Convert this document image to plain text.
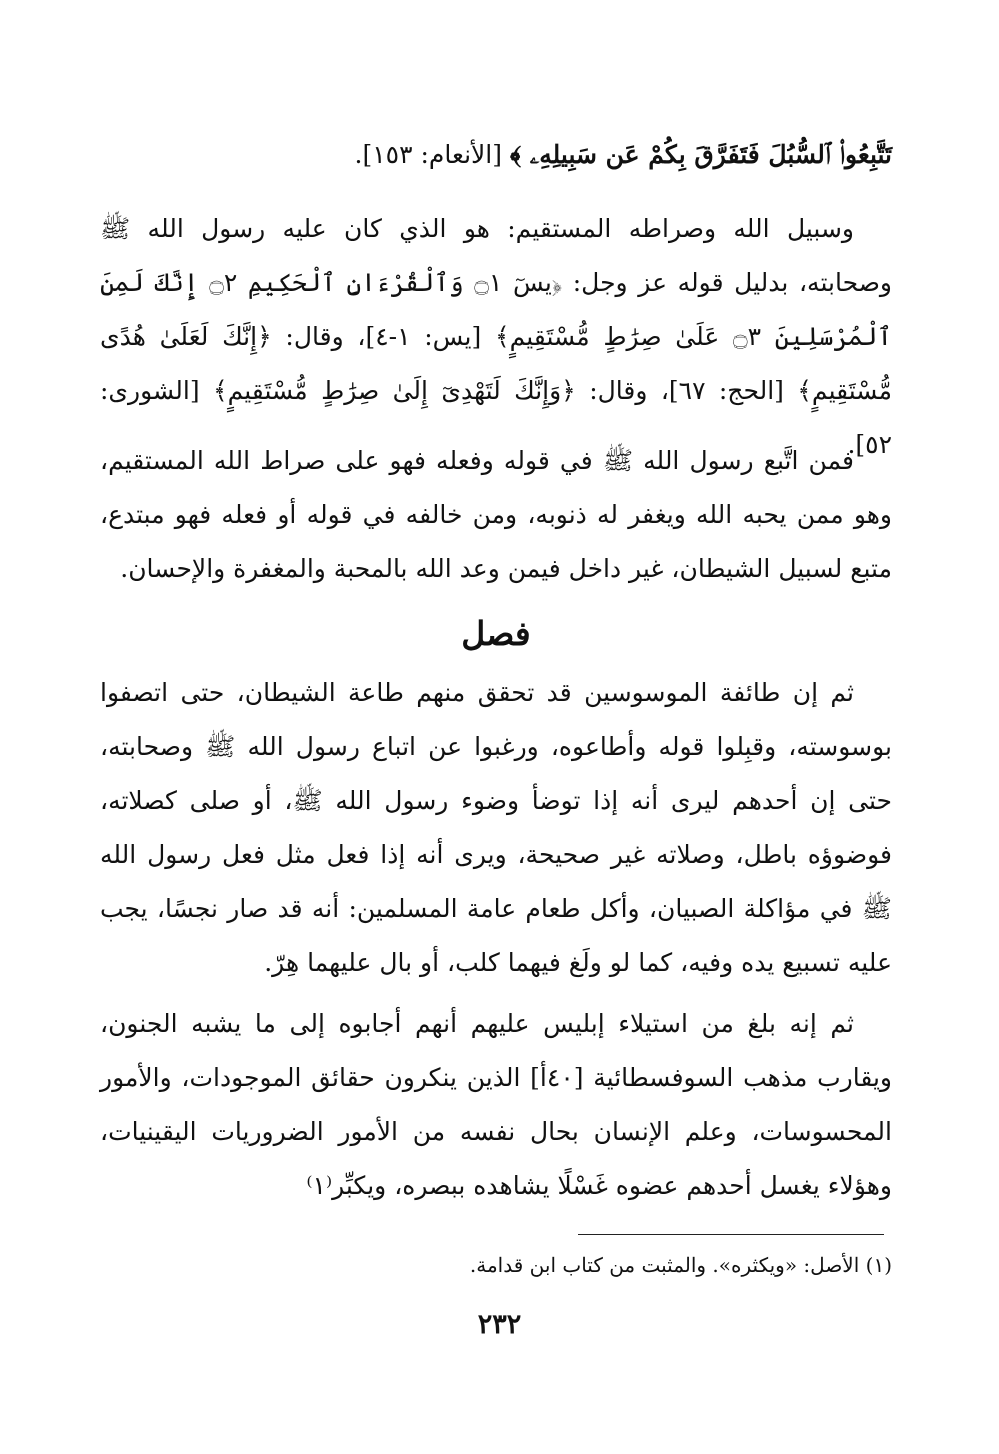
تَتَّبِعُوا۟ ٱلسُّبُلَ فَتَفَرَّقَ بِكُمْ عَن سَبِيلِهِۦ ﴾ [الأنعام: ١٥٣].

وسبيل الله وصراطه المستقيم: هو الذي كان عليه رسول الله ﷺ وصحابته، بدليل قوله عز وجل: ﴿يسٓ ۝١ وَٱلْقُرْءَانِ ٱلْحَكِيمِ ۝٢ إِنَّكَ لَمِنَ ٱلْمُرْسَلِينَ ۝٣ عَلَىٰ صِرَٰطٍ مُّسْتَقِيمٍ﴾ [يس: ١-٤]، وقال: ﴿إِنَّكَ لَعَلَىٰ هُدًى مُّسْتَقِيمٍ﴾ [الحج: ٦٧]، وقال: ﴿وَإِنَّكَ لَتَهْدِىٓ إِلَىٰ صِرَٰطٍ مُّسْتَقِيمٍ﴾ [الشورى: ٥٢].

فمن اتَّبع رسول الله ﷺ في قوله وفعله فهو على صراط الله المستقيم، وهو ممن يحبه الله ويغفر له ذنوبه، ومن خالفه في قوله أو فعله فهو مبتدع، متبع لسبيل الشيطان، غير داخل فيمن وعد الله بالمحبة والمغفرة والإحسان.

فصل

ثم إن طائفة الموسوسين قد تحقق منهم طاعة الشيطان، حتى اتصفوا بوسوسته، وقبِلوا قوله وأطاعوه، ورغبوا عن اتباع رسول الله ﷺ وصحابته، حتى إن أحدهم ليرى أنه إذا توضأ وضوء رسول الله ﷺ، أو صلى كصلاته، فوضوؤه باطل، وصلاته غير صحيحة، ويرى أنه إذا فعل مثل فعل رسول الله ﷺ في مؤاكلة الصبيان، وأكل طعام عامة المسلمين: أنه قد صار نجسًا، يجب عليه تسبيع يده وفيه، كما لو ولَغ فيهما كلب، أو بال عليهما هِرّ.

ثم إنه بلغ من استيلاء إبليس عليهم أنهم أجابوه إلى ما يشبه الجنون، ويقارب مذهب السوفسطائية [٤٠أ] الذين ينكرون حقائق الموجودات، والأمور المحسوسات، وعلم الإنسان بحال نفسه من الأمور الضروريات اليقينيات، وهؤلاء يغسل أحدهم عضوه غَسْلًا يشاهده ببصره، ويكبِّر⁽١⁾

(١) الأصل: «ويكثره». والمثبت من كتاب ابن قدامة.
٢٣٢
